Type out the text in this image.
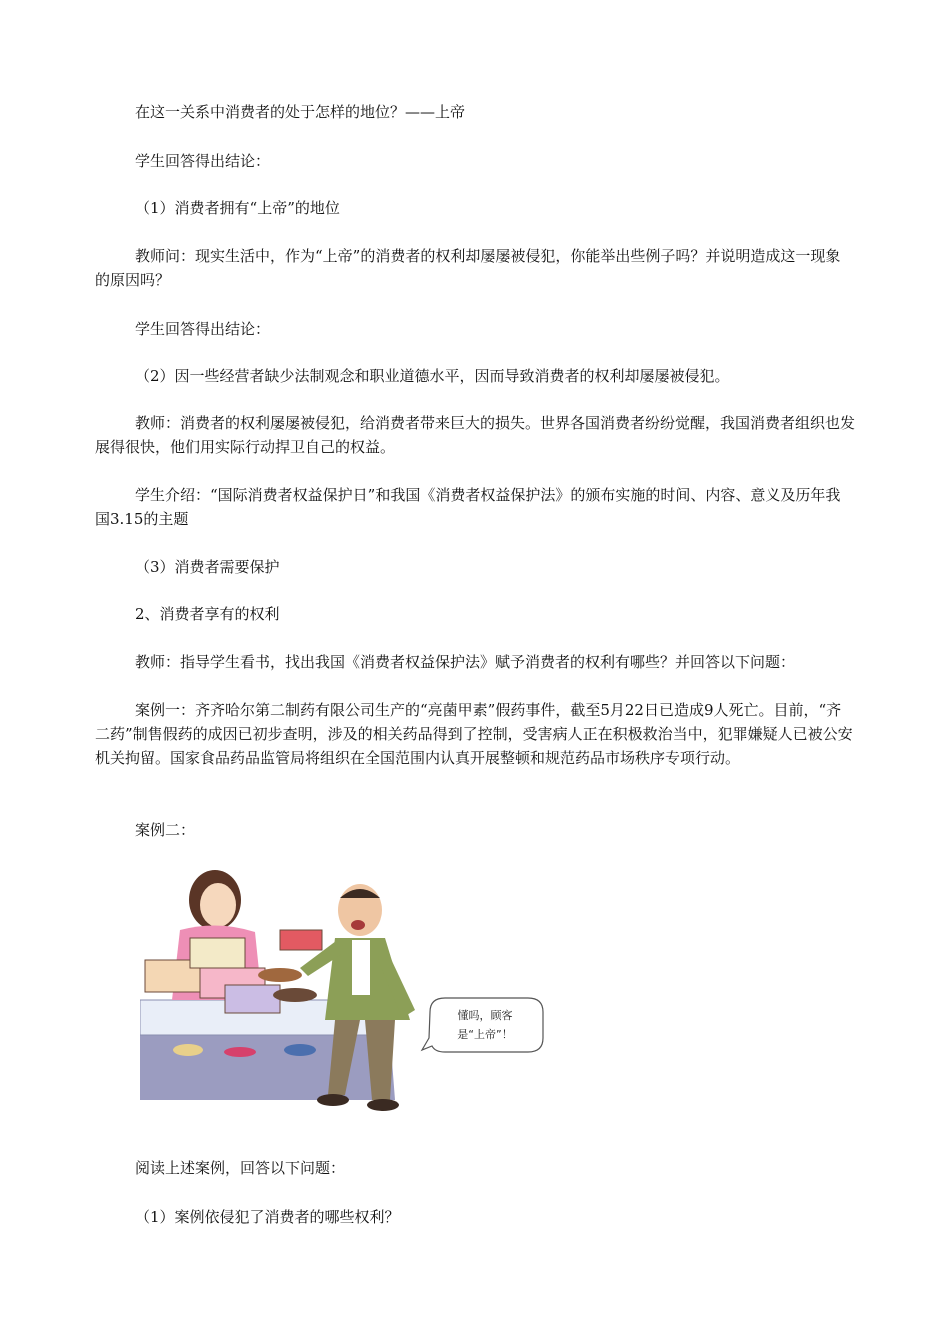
在这一关系中消费者的处于怎样的地位？——上帝

学生回答得出结论：

（1）消费者拥有“上帝”的地位

教师问：现实生活中，作为“上帝”的消费者的权利却屡屡被侵犯，你能举出些例子吗？并说明造成这一现象的原因吗？

学生回答得出结论：

（2）因一些经营者缺少法制观念和职业道德水平，因而导致消费者的权利却屡屡被侵犯。

教师：消费者的权利屡屡被侵犯，给消费者带来巨大的损失。世界各国消费者纷纷觉醒，我国消费者组织也发展得很快，他们用实际行动捍卫自己的权益。

学生介绍：“国际消费者权益保护日”和我国《消费者权益保护法》的颁布实施的时间、内容、意义及历年我国3.15的主题

（3）消费者需要保护

2、消费者享有的权利

教师：指导学生看书，找出我国《消费者权益保护法》赋予消费者的权利有哪些？并回答以下问题：

案例一：齐齐哈尔第二制药有限公司生产的“亮菌甲素”假药事件，截至5月22日已造成9人死亡。目前，“齐二药”制售假药的成因已初步查明，涉及的相关药品得到了控制，受害病人正在积极救治当中，犯罪嫌疑人已被公安机关拘留。国家食品药品监管局将组织在全国范围内认真开展整顿和规范药品市场秩序专项行动。

案例二：

懂吗，顾客
是“上帝”！

阅读上述案例，回答以下问题：

（1）案例依侵犯了消费者的哪些权利？
